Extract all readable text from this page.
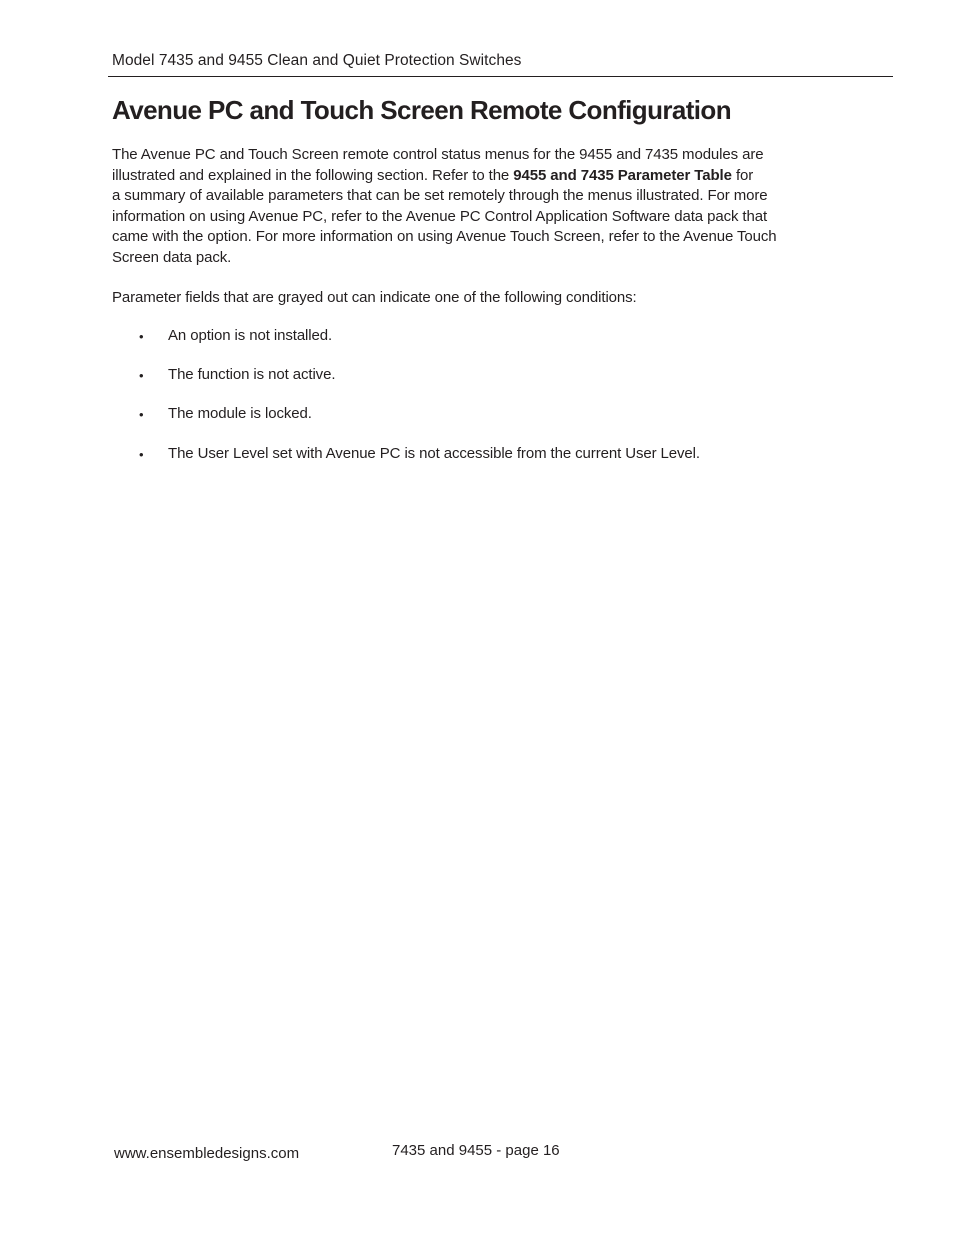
Model 7435 and 9455 Clean and Quiet Protection Switches
Avenue PC and Touch Screen Remote Configuration

The Avenue PC and Touch Screen remote control status menus for the 9455 and 7435 modules are
illustrated and explained in the following section. Refer to the 9455 and 7435 Parameter Table for
a summary of available parameters that can be set remotely through the menus illustrated. For more
information on using Avenue PC, refer to the Avenue PC Control Application Software data pack that
came with the option. For more information on using Avenue Touch Screen, refer to the Avenue Touch
Screen data pack.

Parameter fields that are grayed out can indicate one of the following conditions:

• An option is not installed.
• The function is not active.
• The module is locked.
• The User Level set with Avenue PC is not accessible from the current User Level.
www.ensembledesigns.com	7435 and 9455 - page 16
